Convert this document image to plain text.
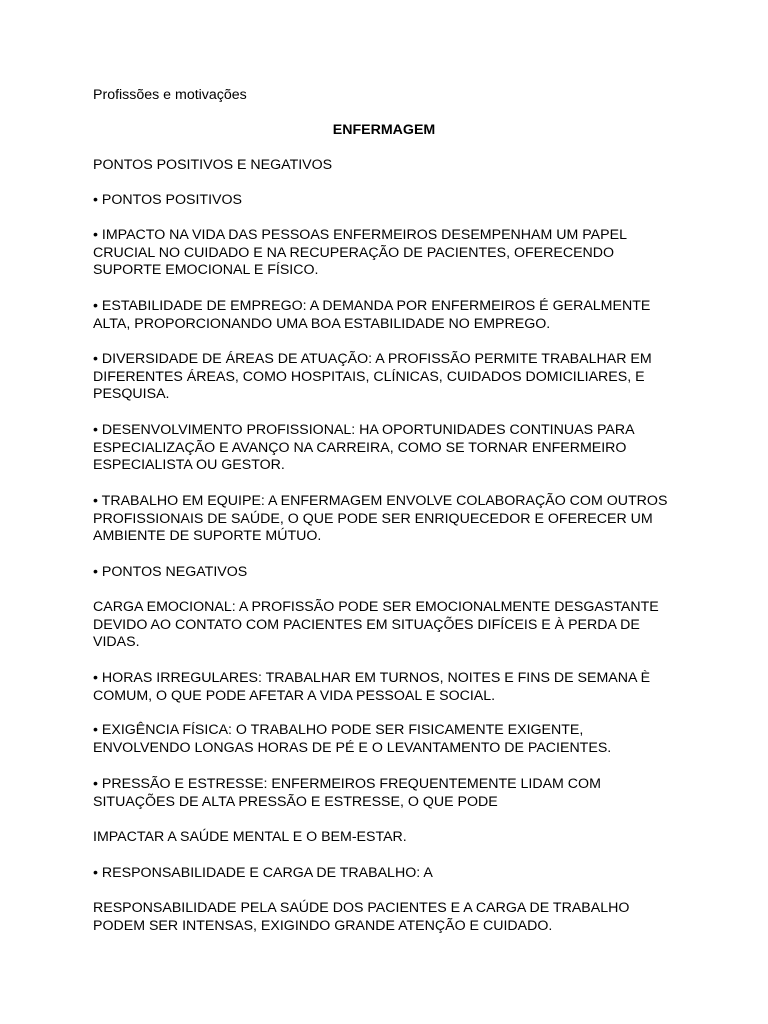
Profissões e motivações

ENFERMAGEM

PONTOS POSITIVOS E NEGATIVOS

• PONTOS POSITIVOS

• IMPACTO NA VIDA DAS PESSOAS ENFERMEIROS DESEMPENHAM UM PAPEL
CRUCIAL NO CUIDADO E NA RECUPERAÇÃO DE PACIENTES, OFERECENDO
SUPORTE EMOCIONAL E FÍSICO.

• ESTABILIDADE DE EMPREGO: A DEMANDA POR ENFERMEIROS É GERALMENTE
ALTA, PROPORCIONANDO UMA BOA ESTABILIDADE NO EMPREGO.

• DIVERSIDADE DE ÁREAS DE ATUAÇÃO: A PROFISSÃO PERMITE TRABALHAR EM
DIFERENTES ÁREAS, COMO HOSPITAIS, CLÍNICAS, CUIDADOS DOMICILIARES, E
PESQUISA.

• DESENVOLVIMENTO PROFISSIONAL: HA OPORTUNIDADES CONTINUAS PARA
ESPECIALIZAÇÃO E AVANÇO NA CARREIRA, COMO SE TORNAR ENFERMEIRO
ESPECIALISTA OU GESTOR.

• TRABALHO EM EQUIPE: A ENFERMAGEM ENVOLVE COLABORAÇÃO COM OUTROS
PROFISSIONAIS DE SAÚDE, O QUE PODE SER ENRIQUECEDOR E OFERECER UM
AMBIENTE DE SUPORTE MÚTUO.

• PONTOS NEGATIVOS

CARGA EMOCIONAL: A PROFISSÃO PODE SER EMOCIONALMENTE DESGASTANTE
DEVIDO AO CONTATO COM PACIENTES EM SITUAÇÕES DIFÍCEIS E À PERDA DE
VIDAS.

• HORAS IRREGULARES: TRABALHAR EM TURNOS, NOITES E FINS DE SEMANA È
COMUM, O QUE PODE AFETAR A VIDA PESSOAL E SOCIAL.

• EXIGÊNCIA FÍSICA: O TRABALHO PODE SER FISICAMENTE EXIGENTE,
ENVOLVENDO LONGAS HORAS DE PÉ E O LEVANTAMENTO DE PACIENTES.

• PRESSÃO E ESTRESSE: ENFERMEIROS FREQUENTEMENTE LIDAM COM
SITUAÇÕES DE ALTA PRESSÃO E ESTRESSE, O QUE PODE

IMPACTAR A SAÚDE MENTAL E O BEM-ESTAR.

• RESPONSABILIDADE E CARGA DE TRABALHO: A

RESPONSABILIDADE PELA SAÚDE DOS PACIENTES E A CARGA DE TRABALHO
PODEM SER INTENSAS, EXIGINDO GRANDE ATENÇÃO E CUIDADO.
